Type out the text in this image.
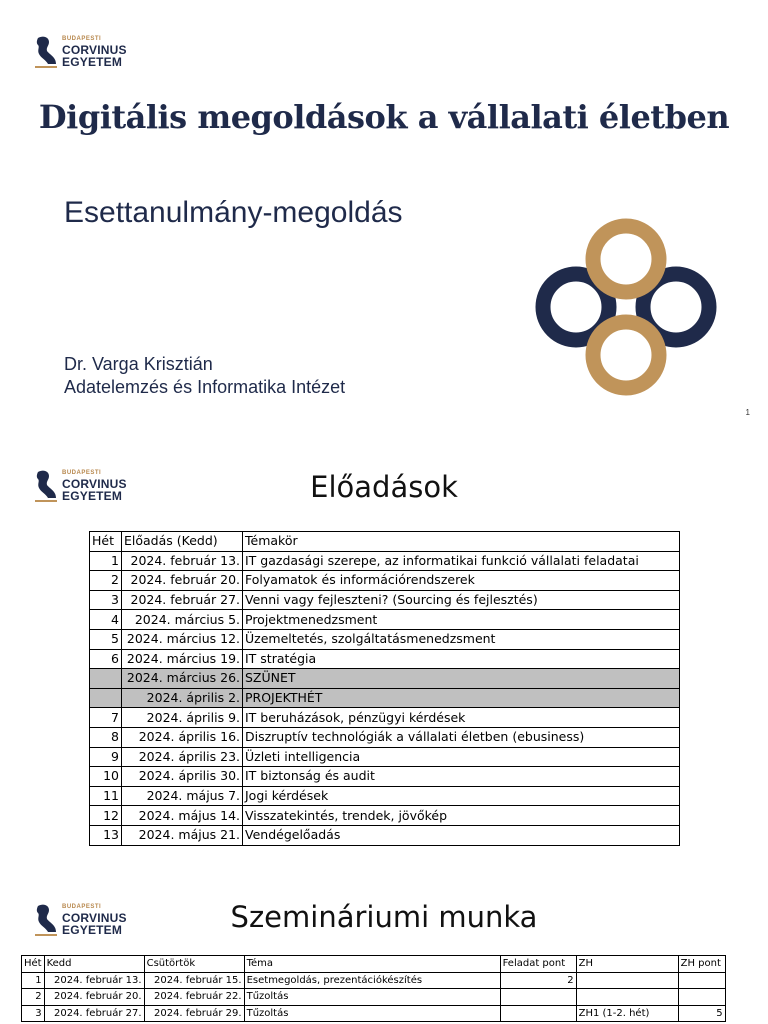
BUDAPESTI
CORVINUS
EGYETEM
Digitális megoldások a vállalati életben
Esettanulmány-megoldás
Dr. Varga Krisztián
Adatelemzés és Informatika Intézet
1
BUDAPESTI
CORVINUS
EGYETEM	Előadások
Hét	Előadás (Kedd)	Témakör
1	2024. február 13.	IT gazdasági szerepe, az informatikai funkció vállalati feladatai
2	2024. február 20.	Folyamatok és információrendszerek
3	2024. február 27.	Venni vagy fejleszteni? (Sourcing és fejlesztés)
4	2024. március 5.	Projektmenedzsment
5	2024. március 12.	Üzemeltetés, szolgáltatásmenedzsment
6	2024. március 19.	IT stratégia
	2024. március 26.	SZÜNET
	2024. április 2.	PROJEKTHÉT
7	2024. április 9.	IT beruházások, pénzügyi kérdések
8	2024. április 16.	Diszruptív technológiák a vállalati életben (ebusiness)
9	2024. április 23.	Üzleti intelligencia
10	2024. április 30.	IT biztonság és audit
11	2024. május 7.	Jogi kérdések
12	2024. május 14.	Visszatekintés, trendek, jövőkép
13	2024. május 21.	Vendégelőadás
BUDAPESTI
CORVINUS
EGYETEM	Szemináriumi munka
Hét	Kedd	Csütörtök	Téma	Feladat pont	ZH	ZH pont
1	2024. február 13.	2024. február 15.	Esetmegoldás, prezentációkészítés	2		
2	2024. február 20.	2024. február 22.	Tűzoltás			
3	2024. február 27.	2024. február 29.	Tűzoltás		ZH1 (1-2. hét)	5
